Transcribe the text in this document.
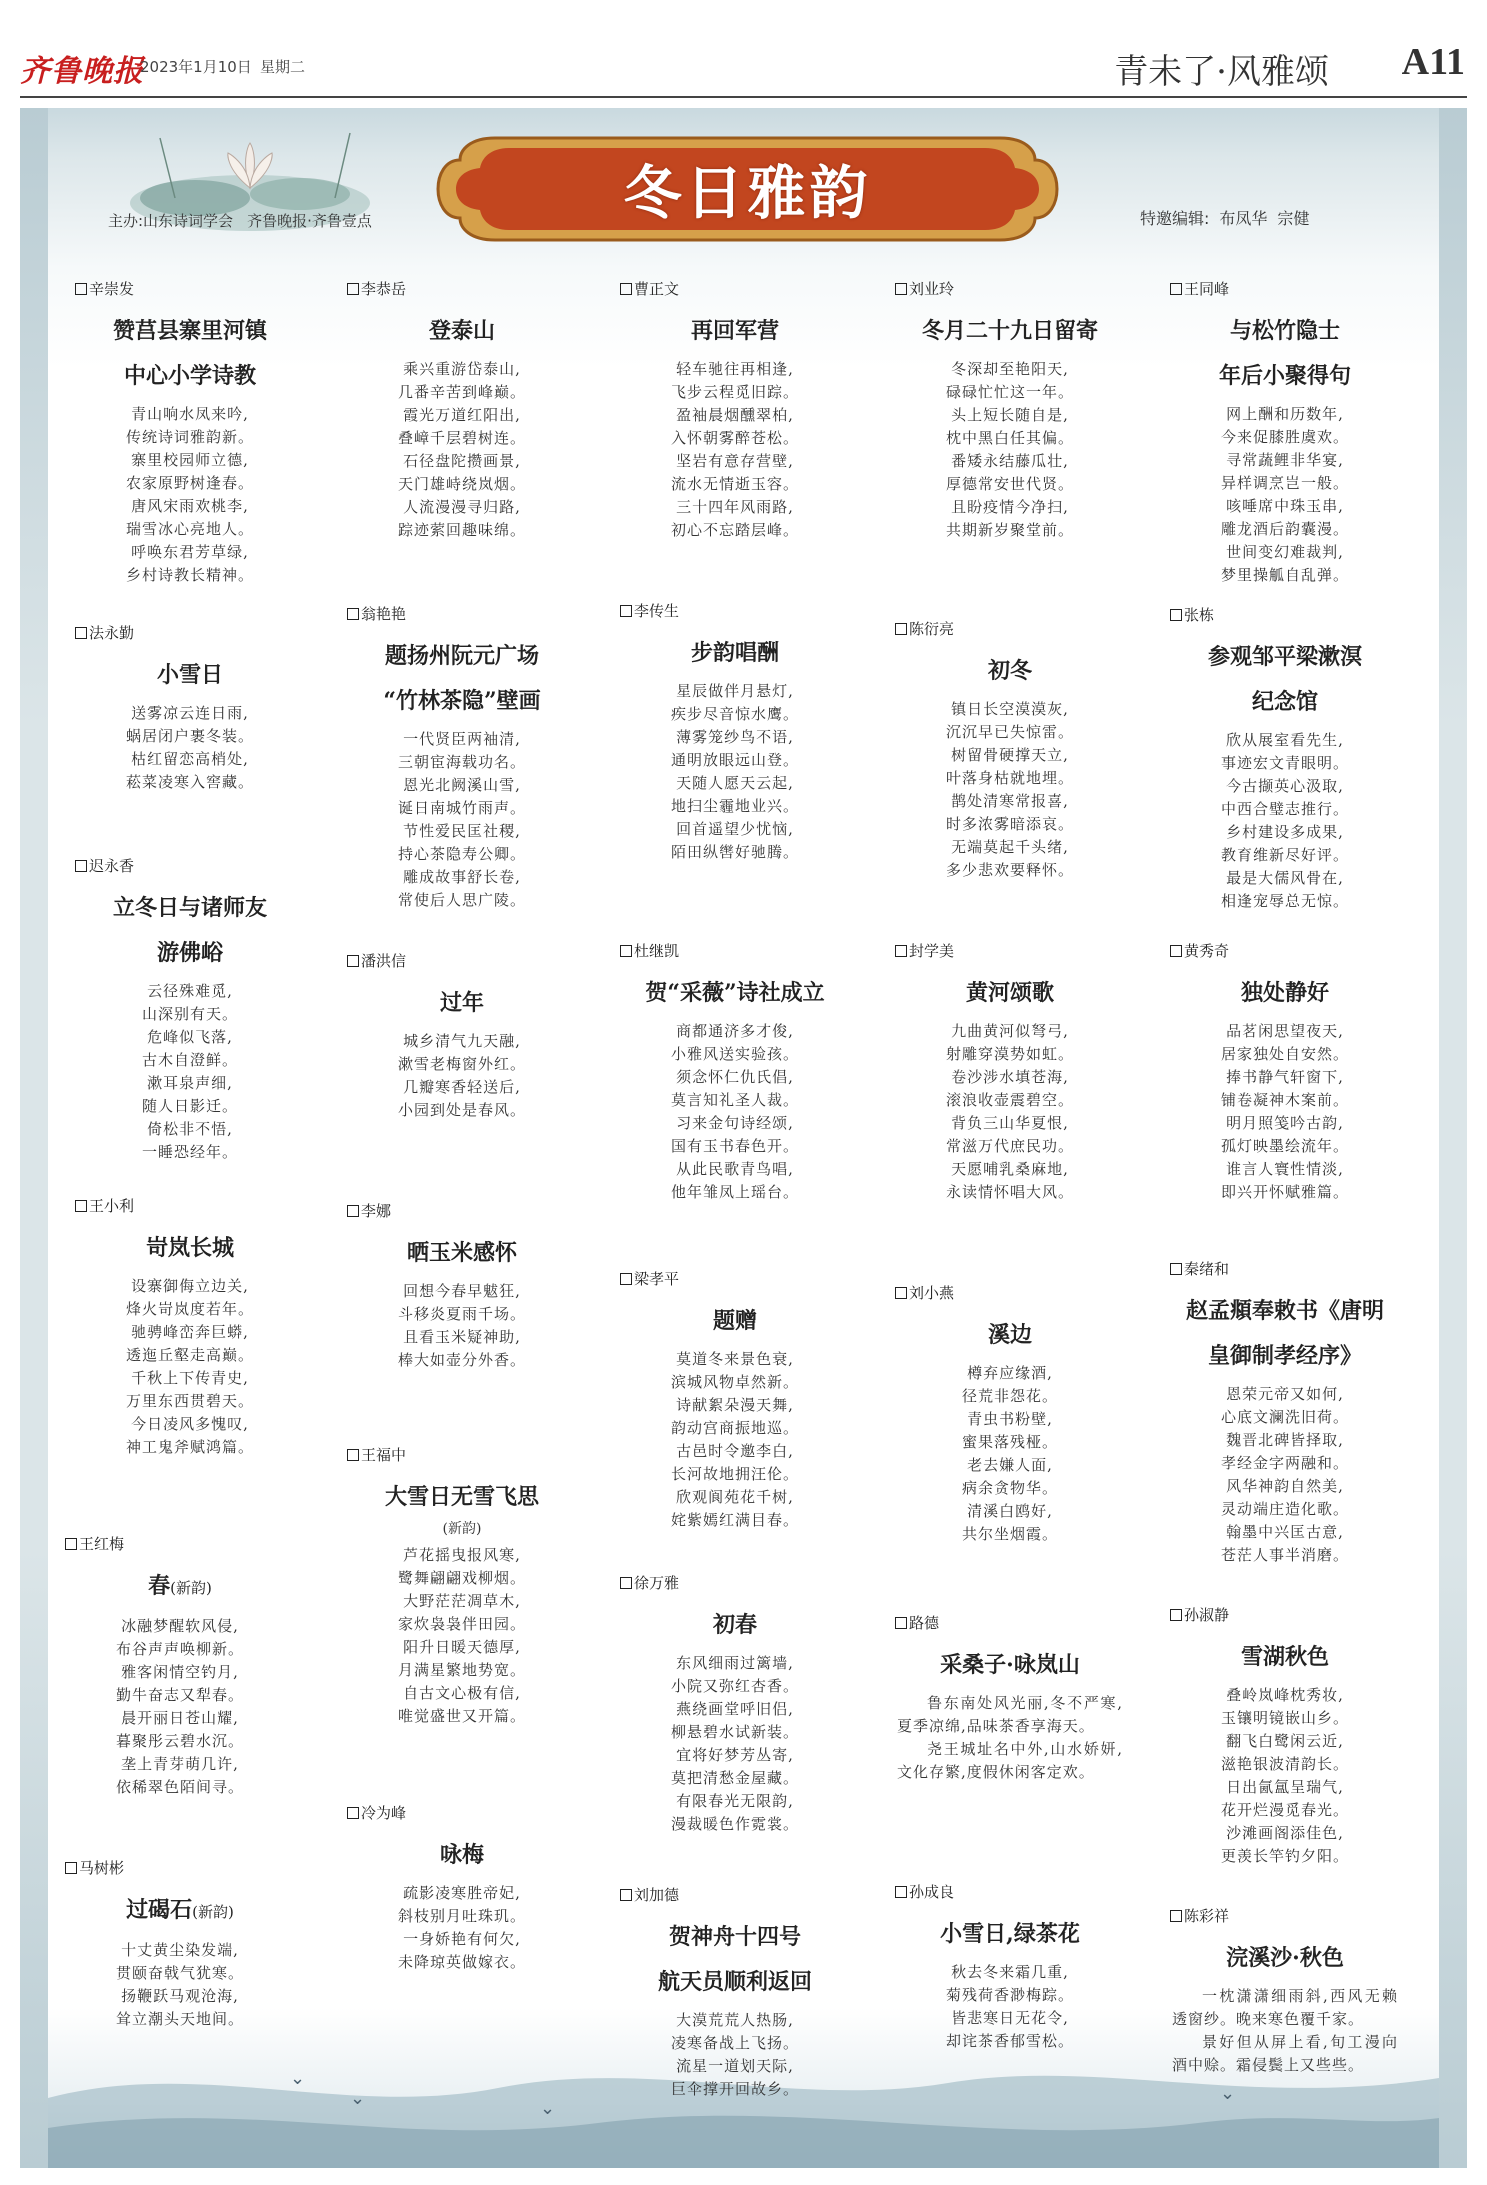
齐鲁晚报
2023年1月10日 星期二	青未了·风雅颂 A11
主办:山东诗词学会 齐鲁晚报·齐鲁壹点	冬日雅韵	特邀编辑: 布凤华 宗健
⌄
⌄	⌄
⌄
辛崇发
赞莒县寨里河镇
中心小学诗教
青山响水凤来吟,
传统诗词雅韵新。
寨里校园师立德,
农家原野树逢春。
唐风宋雨欢桃李,
瑞雪冰心亮地人。
呼唤东君芳草绿,
乡村诗教长精神。
李恭岳
登泰山
乘兴重游岱泰山,
几番辛苦到峰巅。
霞光万道红阳出,
叠嶂千层碧树连。
石径盘陀攒画景,
天门雄峙绕岚烟。
人流漫漫寻归路,
踪迹萦回趣味绵。
曹正文
再回军营
轻车驰往再相逢,
飞步云程觅旧踪。
盈袖晨烟醺翠柏,
入怀朝雾醉苍松。
坚岩有意存营壁,
流水无情逝玉容。
三十四年风雨路,
初心不忘踏层峰。
刘业玲
冬月二十九日留寄
冬深却至艳阳天,
碌碌忙忙这一年。
头上短长随自是,
枕中黑白任其偏。
番矮永结藤瓜壮,
厚德常安世代贤。
且盼疫情今净扫,
共期新岁聚堂前。
王同峰
与松竹隐士
年后小聚得句
网上酬和历数年,
今来促膝胜虞欢。
寻常蔬鲤非华宴,
异样调烹岂一般。
咳唾席中珠玉串,
雕龙酒后韵囊漫。
世间变幻难裁判,
梦里操觚自乱弹。
法永勤
小雪日
送雾凉云连日雨,
蜗居闭户裹冬装。
枯红留恋高梢处,
菘菜凌寒入窖藏。
翁艳艳
题扬州阮元广场
“竹林茶隐”壁画
一代贤臣两袖清,
三朝宦海载功名。
恩光北阙溪山雪,
诞日南城竹雨声。
节性爱民匡社稷,
持心茶隐寿公卿。
雕成故事舒长卷,
常使后人思广陵。
李传生
步韵唱酬
星辰做伴月悬灯,
疾步尽音惊水鹰。
薄雾笼纱鸟不语,
通明放眼远山登。
天随人愿天云起,
地扫尘霾地业兴。
回首遥望少忧恼,
陌田纵辔好驰腾。
陈衍亮
初冬
镇日长空漠漠灰,
沉沉早已失惊雷。
树留骨硬撑天立,
叶落身枯就地埋。
鹊处清寒常报喜,
时多浓雾暗添哀。
无端莫起千头绪,
多少悲欢要释怀。
张栋
参观邹平梁漱溟
纪念馆
欣从展室看先生,
事迹宏文青眼明。
今古撷英心汲取,
中西合璧志推行。
乡村建设多成果,
教育维新尽好评。
最是大儒风骨在,
相逢宠辱总无惊。
迟永香
立冬日与诸师友
游佛峪
云径殊难觅,
山深别有天。
危峰似飞落,
古木自澄鲜。
漱耳泉声细,
随人日影迁。
倚松非不悟,
一睡恐经年。
潘洪信
过年
城乡清气九天融,
漱雪老梅窗外红。
几瓣寒香轻送后,
小园到处是春风。
杜继凯
贺“采薇”诗社成立
商都通济多才俊,
小雅风送实验孩。
须念怀仁仇氏倡,
莫言知礼圣人裁。
习来金句诗经颂,
国有玉书春色开。
从此民歌青鸟唱,
他年雏凤上瑶台。
封学美
黄河颂歌
九曲黄河似弩弓,
射雕穿漠势如虹。
卷沙涉水填苍海,
滚浪收壶震碧空。
背负三山华夏恨,
常滋万代庶民功。
天愿哺乳桑麻地,
永读情怀唱大风。
黄秀奇
独处静好
品茗闲思望夜天,
居家独处自安然。
捧书静气轩窗下,
铺卷凝神木案前。
明月照笺吟古韵,
孤灯映墨绘流年。
谁言人寰性情淡,
即兴开怀赋雅篇。
王小利
岢岚长城
设寨御侮立边关,
烽火岢岚度若年。
驰骋峰峦奔巨蟒,
透迤丘壑走高巅。
千秋上下传青史,
万里东西贯碧天。
今日凌风多愧叹,
神工鬼斧赋鸿篇。
李娜
晒玉米感怀
回想今春早魃狂,
斗移炎夏雨千场。
且看玉米疑神助,
棒大如壶分外香。
梁孝平
题赠
莫道冬来景色衰,
滨城风物卓然新。
诗献絮朵漫天舞,
韵动宫商振地巡。
古邑时令邀李白,
长河故地拥汪伦。
欣观阆苑花千树,
姹紫嫣红满目春。
刘小燕
溪边
樽弃应缘酒,
径荒非怨花。
青虫书粉壁,
蜜果落残桠。
老去嫌人面,
病余贪物华。
清溪白鸥好,
共尔坐烟霞。
秦绪和
赵孟頫奉敕书《唐明
皇御制孝经序》
恩荣元帝又如何,
心底文澜洗旧荷。
魏晋北碑皆择取,
孝经金字两融和。
风华神韵自然美,
灵动端庄造化歌。
翰墨中兴匡古意,
苍茫人事半消磨。
王福中
大雪日无雪飞思
(新韵)
芦花摇曳报风寒,
鹭舞翩翩戏柳烟。
大野茫茫凋草木,
家炊袅袅伴田园。
阳升日暖天德厚,
月满星繁地势宽。
自古文心极有信,
唯觉盛世又开篇。
王红梅
春(新韵)
冰融梦醒软风侵,
布谷声声唤柳新。
雅客闲情空钓月,
勤牛奋志又犁春。
晨开丽日苍山耀,
暮聚彤云碧水沉。
垄上青芽萌几许,
依稀翠色陌间寻。
徐万雅
初春
东风细雨过篱墙,
小院又弥红杏香。
燕绕画堂呼旧侣,
柳悬碧水试新装。
宜将好梦芳丛寄,
莫把清愁金屋藏。
有限春光无限韵,
漫裁暖色作霓裳。
路德
采桑子·咏岚山
鲁东南处风光丽,冬不严寒,夏季凉绵,品味茶香享海天。
尧王城址名中外,山水娇妍,文化存繁,度假休闲客定欢。
孙淑静
雪湖秋色
叠岭岚峰枕秀妆,
玉镶明镜嵌山乡。
翻飞白鹭闲云近,
滋艳银波清韵长。
日出氤氲呈瑞气,
花开烂漫觅春光。
沙滩画阁添佳色,
更羡长竿钓夕阳。
冷为峰
咏梅
疏影凌寒胜帝妃,
斜枝别月吐珠玑。
一身娇艳有何欠,
未降琼英做嫁衣。
马树彬
过碣石(新韵)
十丈黄尘染发端,
贯颐奋戟气犹寒。
扬鞭跃马观沧海,
耸立潮头天地间。
刘加德
贺神舟十四号
航天员顺利返回
大漠荒荒人热肠,
凌寒备战上飞扬。
流星一道划天际,
巨伞撑开回故乡。
孙成良
小雪日,绿茶花
秋去冬来霜几重,
菊残荷香渺梅踪。
皆悲寒日无花令,
却诧茶香郁雪松。
陈彩祥
浣溪沙·秋色
一枕潇潇细雨斜,西风无赖透窗纱。晚来寒色覆千家。
景好但从屏上看,旬工漫向酒中赊。霜侵鬓上又些些。
